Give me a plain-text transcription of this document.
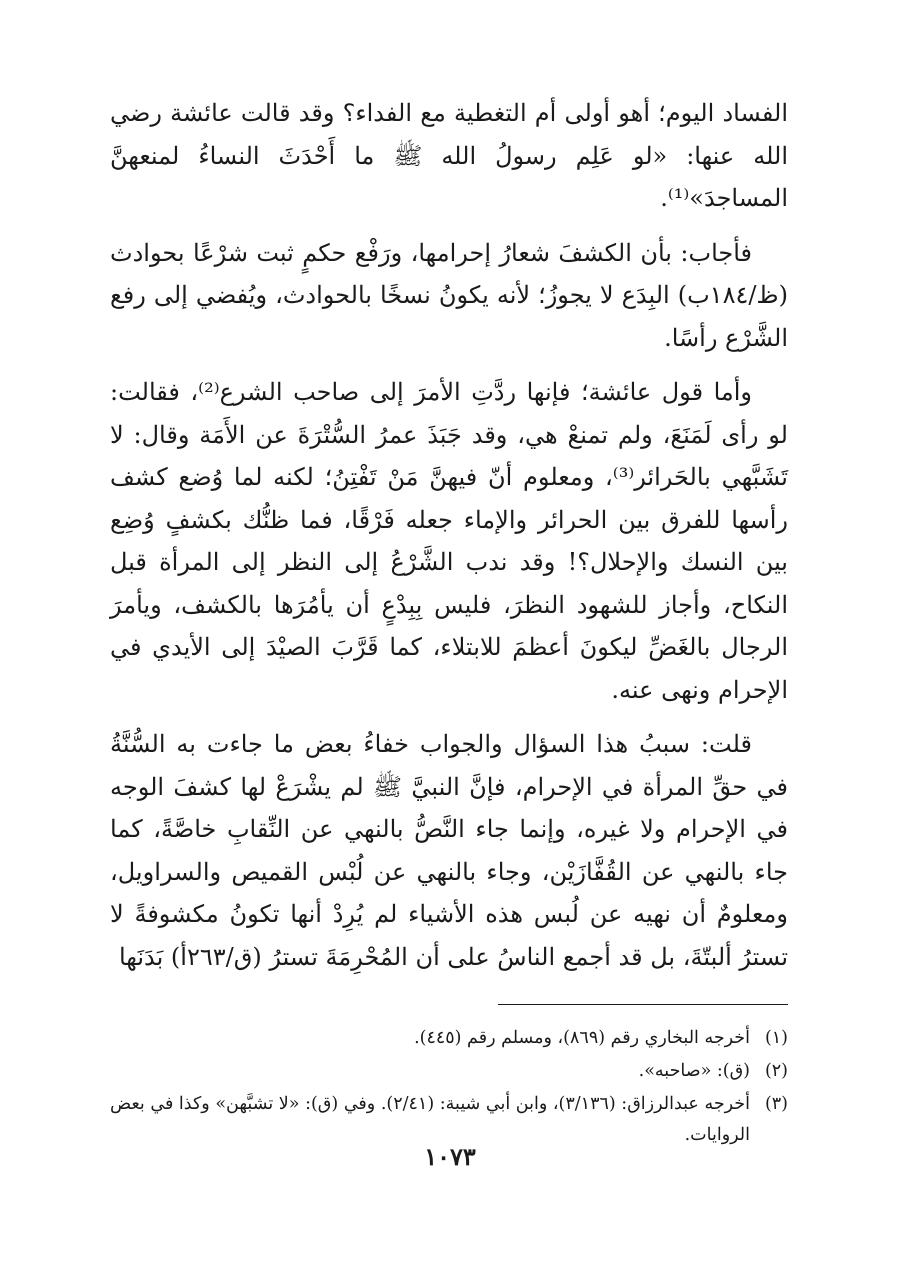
الفساد اليوم؛ أهو أولى أم التغطية مع الفداء؟ وقد قالت عائشة رضي الله عنها: «لو عَلِم رسولُ الله ﷺ ما أَحْدَثَ النساءُ لمنعهنَّ المساجدَ»⁽¹⁾.

فأجاب: بأن الكشفَ شعارُ إحرامها، ورَفْع حكمٍ ثبت شرْعًا بحوادث (ظ/١٨٤ب) البِدَع لا يجوزُ؛ لأنه يكونُ نسخًا بالحوادث، ويُفضي إلى رفع الشَّرْع رأسًا.

وأما قول عائشة؛ فإنها ردَّتِ الأمرَ إلى صاحب الشرع⁽²⁾، فقالت: لو رأى لَمَنَعَ، ولم تمنعْ هي، وقد جَبَذَ عمرُ السُّتْرَةَ عن الأَمَة وقال: لا تَشَبَّهي بالحَرائر⁽³⁾، ومعلوم أنّ فيهنَّ مَنْ تَفْتِنُ؛ لكنه لما وُضع كشف رأسها للفرق بين الحرائر والإماء جعله فَرْقًا، فما ظنُّك بكشفٍ وُضِع بين النسك والإحلال؟! وقد ندب الشَّرْعُ إلى النظر إلى المرأة قبل النكاح، وأجاز للشهود النظرَ، فليس بِبِدْعٍ أن يأمُرَها بالكشف، ويأمرَ الرجال بالغَضِّ ليكونَ أعظمَ للابتلاء، كما قَرَّبَ الصيْدَ إلى الأيدي في الإحرام ونهى عنه.

قلت: سببُ هذا السؤال والجواب خفاءُ بعض ما جاءت به السُّنَّةُ في حقِّ المرأة في الإحرام، فإنَّ النبيَّ ﷺ لم يشْرَعْ لها كشفَ الوجه في الإحرام ولا غيره، وإنما جاء النَّصُّ بالنهي عن النِّقابِ خاصَّةً، كما جاء بالنهي عن القُفَّازَيْن، وجاء بالنهي عن لُبْس القميص والسراويل، ومعلومٌ أن نهيه عن لُبس هذه الأشياء لم يُرِدْ أنها تكونُ مكشوفةً لا تسترُ ألبتّةَ، بل قد أجمع الناسُ على أن المُحْرِمَةَ تسترُ (ق/٢٦٣أ) بَدَنَها

(١)
أخرجه البخاري رقم (٨٦٩)، ومسلم رقم (٤٤٥).
(٢)
(ق): «صاحبه».
(٣)
أخرجه عبدالرزاق: (٣/١٣٦)، وابن أبي شيبة: (٢/٤١). وفي (ق): «لا تشبَّهن» وكذا في بعض الروايات.
١٠٧٣
